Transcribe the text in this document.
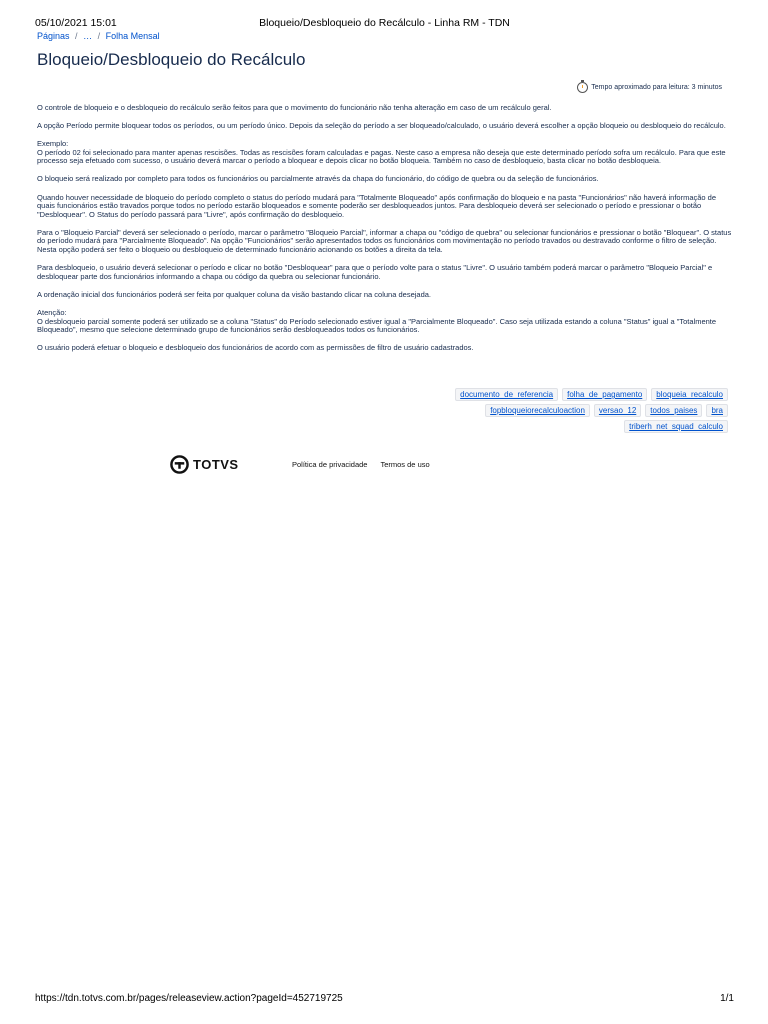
05/10/2021 15:01	Bloqueio/Desbloqueio do Recálculo - Linha RM - TDN
Páginas / … / Folha Mensal
Bloqueio/Desbloqueio do Recálculo
Tempo aproximado para leitura: 3 minutos

O controle de bloqueio e o desbloqueio do recálculo serão feitos para que o movimento do funcionário não tenha alteração em caso de um recálculo geral.

A opção Período permite bloquear todos os períodos, ou um período único. Depois da seleção do período a ser bloqueado/calculado, o usuário deverá escolher a opção bloqueio ou desbloqueio do recálculo.

Exemplo:
O período 02 foi selecionado para manter apenas rescisões. Todas as rescisões foram calculadas e pagas. Neste caso a empresa não deseja que este determinado período sofra um recálculo. Para que este processo seja efetuado com sucesso, o usuário deverá marcar o período a bloquear e depois clicar no botão bloqueia. Também no caso de desbloqueio, basta clicar no botão desbloqueia.

O bloqueio será realizado por completo para todos os funcionários ou parcialmente através da chapa do funcionário, do código de quebra ou da seleção de funcionários.

Quando houver necessidade de bloqueio do período completo o status do período mudará para "Totalmente Bloqueado" após confirmação do bloqueio e na pasta "Funcionários" não haverá informação de quais funcionários estão travados porque todos no período estarão bloqueados e somente poderão ser desbloqueados juntos. Para desbloqueio deverá ser selecionado o período e pressionar o botão "Desbloquear". O Status do período passará para "Livre", após confirmação do desbloqueio.

Para o "Bloqueio Parcial" deverá ser selecionado o período, marcar o parâmetro "Bloqueio Parcial", informar a chapa ou "código de quebra" ou selecionar funcionários e pressionar o botão "Bloquear". O status do período mudará para "Parcialmente Bloqueado". Na opção "Funcionários" serão apresentados todos os funcionários com movimentação no período travados ou destravado conforme o filtro de seleção. Nesta opção poderá ser feito o bloqueio ou desbloqueio de determinado funcionário acionando os botões a direita da tela.

Para desbloqueio, o usuário deverá selecionar o período e clicar no botão "Desbloquear" para que o período volte para o status "Livre". O usuário também poderá marcar o parâmetro "Bloqueio Parcial" e desbloquear parte dos funcionários informando a chapa ou código da quebra ou selecionar funcionário.

A ordenação inicial dos funcionários poderá ser feita por qualquer coluna da visão bastando clicar na coluna desejada.

Atenção:
O desbloqueio parcial somente poderá ser utilizado se a coluna "Status" do Período selecionado estiver igual a "Parcialmente Bloqueado". Caso seja utilizada estando a coluna "Status" igual a "Totalmente Bloqueado", mesmo que selecione determinado grupo de funcionários serão desbloqueados todos os funcionários.

O usuário poderá efetuar o bloqueio e desbloqueio dos funcionários de acordo com as permissões de filtro de usuário cadastrados.

documento_de_referencia	folha_de_pagamento	bloqueia_recalculo
fopbloqueiorecalculoaction	versao_12	todos_paises	bra
triberh_net_squad_calculo
TOTVS	Política de privacidade Termos de uso
https://tdn.totvs.com.br/pages/releaseview.action?pageId=452719725	1/1
